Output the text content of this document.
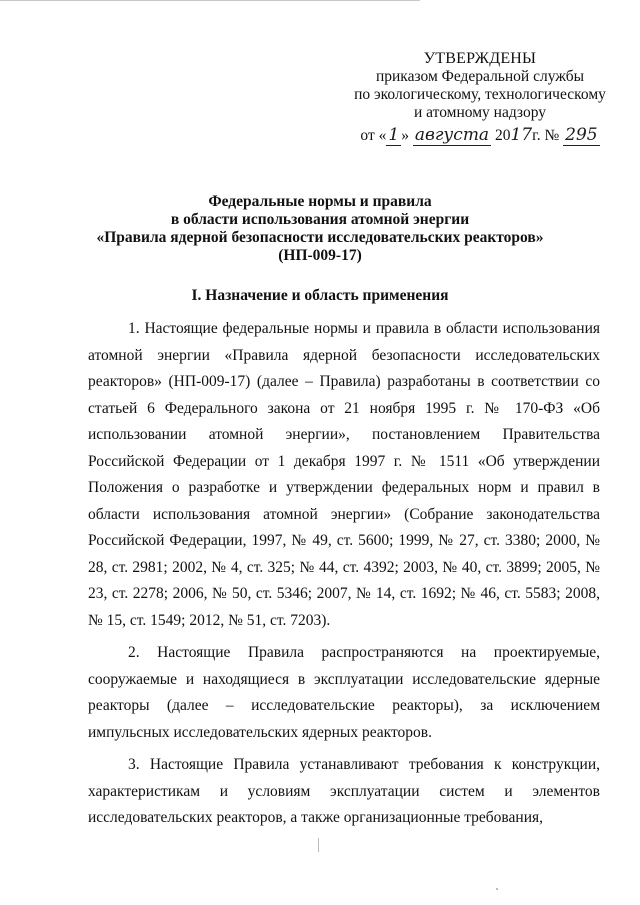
УТВЕРЖДЕНЫ
приказом Федеральной службы
по экологическому, технологическому
и атомному надзору
от « 1 » августа 2017г. № 295
Федеральные нормы и правила
в области использования атомной энергии
«Правила ядерной безопасности исследовательских реакторов»
(НП-009-17)
I. Назначение и область применения

1. Настоящие федеральные нормы и правила в области использования атомной энергии «Правила ядерной безопасности исследовательских реакторов» (НП-009-17) (далее – Правила) разработаны в соответствии со статьей 6 Федерального закона от 21 ноября 1995 г. № 170-ФЗ «Об использовании атомной энергии», постановлением Правительства Российской Федерации от 1 декабря 1997 г. № 1511 «Об утверждении Положения о разработке и утверждении федеральных норм и правил в области использования атомной энергии» (Собрание законодательства Российской Федерации, 1997, № 49, ст. 5600; 1999, № 27, ст. 3380; 2000, № 28, ст. 2981; 2002, № 4, ст. 325; № 44, ст. 4392; 2003, № 40, ст. 3899; 2005, № 23, ст. 2278; 2006, № 50, ст. 5346; 2007, № 14, ст. 1692; № 46, ст. 5583; 2008, № 15, ст. 1549; 2012, № 51, ст. 7203).

2. Настоящие Правила распространяются на проектируемые, сооружаемые и находящиеся в эксплуатации исследовательские ядерные реакторы (далее – исследовательские реакторы), за исключением импульсных исследовательских ядерных реакторов.

3. Настоящие Правила устанавливают требования к конструкции, характеристикам и условиям эксплуатации систем и элементов исследовательских реакторов, а также организационные требования,
